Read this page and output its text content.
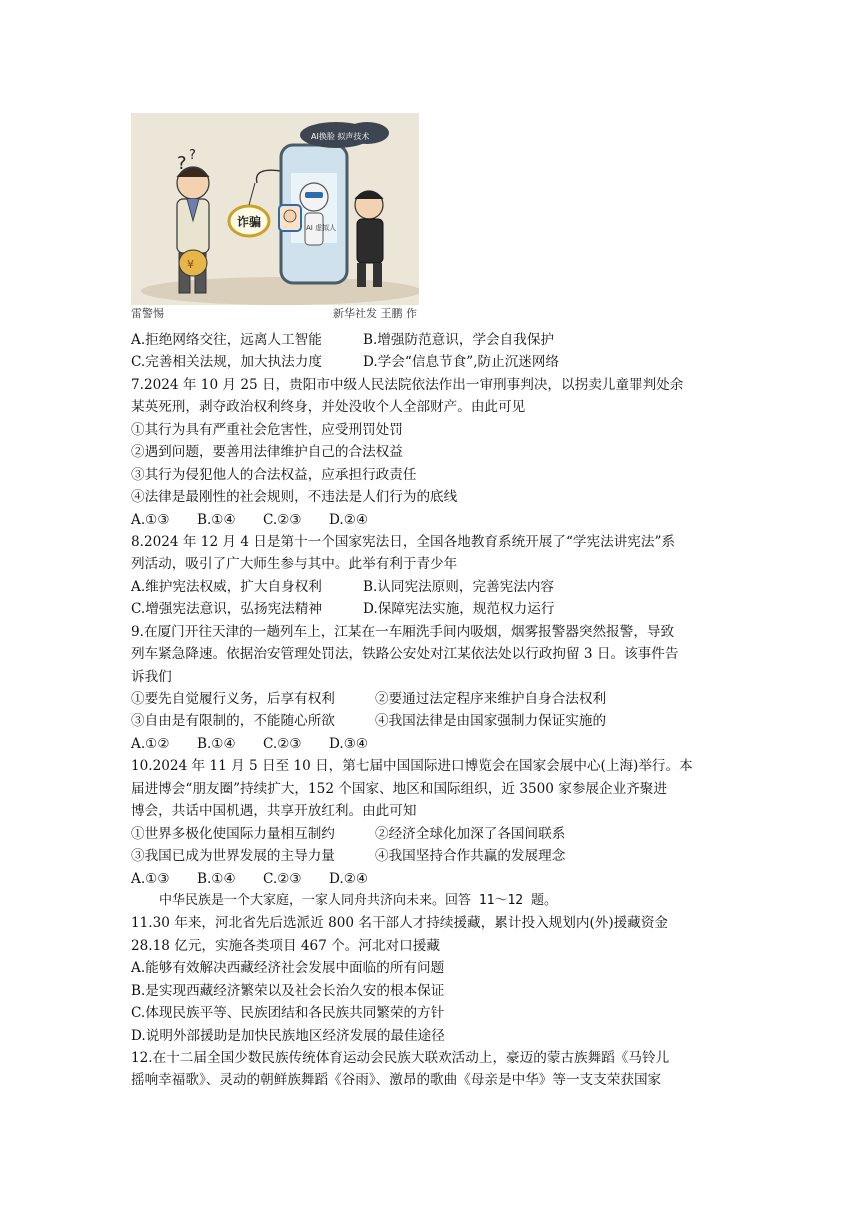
? ?
¥
诈骗	AI 虚拟人
AI换脸 拟声技术
雷警惕	新华社发 王鹏 作
A.拒绝网络交往，远离人工智能	B.增强防范意识，学会自我保护
C.完善相关法规，加大执法力度	D.学会“信息节食”,防止沉迷网络
7.2024 年 10 月 25 日，贵阳市中级人民法院依法作出一审刑事判决，以拐卖儿童罪判处余
某英死刑，剥夺政治权利终身，并处没收个人全部财产。由此可见
①其行为具有严重社会危害性，应受刑罚处罚
②遇到问题，要善用法律维护自己的合法权益
③其行为侵犯他人的合法权益，应承担行政责任
④法律是最刚性的社会规则，不违法是人们行为的底线
A.①③ B.①④ C.②③ D.②④
8.2024 年 12 月 4 日是第十一个国家宪法日，全国各地教育系统开展了“学宪法讲宪法”系
列活动，吸引了广大师生参与其中。此举有利于青少年
A.维护宪法权威，扩大自身权利	B.认同宪法原则，完善宪法内容
C.增强宪法意识，弘扬宪法精神	D.保障宪法实施，规范权力运行
9.在厦门开往天津的一趟列车上，江某在一车厢洗手间内吸烟，烟雾报警器突然报警，导致
列车紧急降速。依据治安管理处罚法，铁路公安处对江某依法处以行政拘留 3 日。该事件告
诉我们
①要先自觉履行义务，后享有权利	②要通过法定程序来维护自身合法权利
③自由是有限制的，不能随心所欲	④我国法律是由国家强制力保证实施的
A.①② B.①④ C.②③ D.③④
10.2024 年 11 月 5 日至 10 日，第七届中国国际进口博览会在国家会展中心(上海)举行。本
届进博会“朋友圈”持续扩大，152 个国家、地区和国际组织，近 3500 家参展企业齐聚进
博会，共话中国机遇，共享开放红利。由此可知
①世界多极化使国际力量相互制约	②经济全球化加深了各国间联系
③我国已成为世界发展的主导力量	④我国坚持合作共赢的发展理念
A.①③ B.①④ C.②③ D.②④
中华民族是一个大家庭，一家人同舟共济向未来。回答 11～12 题。
11.30 年来，河北省先后选派近 800 名干部人才持续援藏，累计投入规划内(外)援藏资金
28.18 亿元，实施各类项目 467 个。河北对口援藏
A.能够有效解决西藏经济社会发展中面临的所有问题
B.是实现西藏经济繁荣以及社会长治久安的根本保证
C.体现民族平等、民族团结和各民族共同繁荣的方针
D.说明外部援助是加快民族地区经济发展的最佳途径
12.在十二届全国少数民族传统体育运动会民族大联欢活动上，豪迈的蒙古族舞蹈《马铃儿
摇响幸福歌》、灵动的朝鲜族舞蹈《谷雨》、激昂的歌曲《母亲是中华》等一支支荣获国家
